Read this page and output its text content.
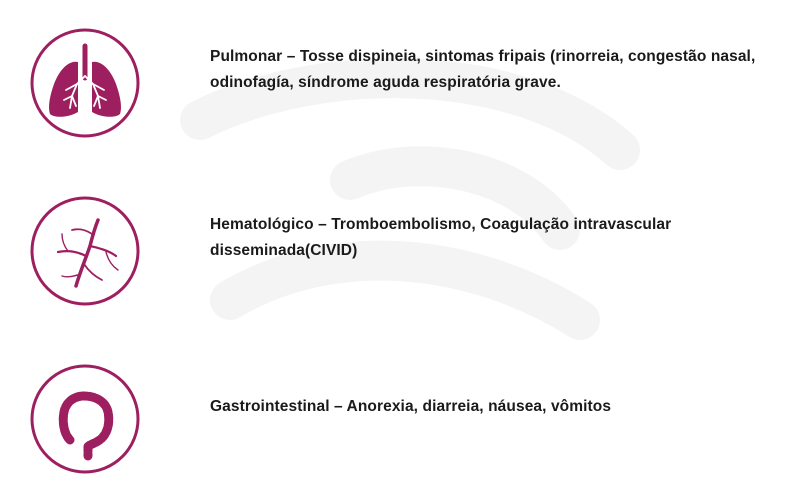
Pulmonar – Tosse dispineia, sintomas fripais (rinorreia, congestão nasal, odinofagía, síndrome aguda respiratória grave.
Hematológico – Tromboembolismo, Coagulação intravascular disseminada(CIVID)
Gastrointestinal – Anorexia, diarreia, náusea, vômitos
